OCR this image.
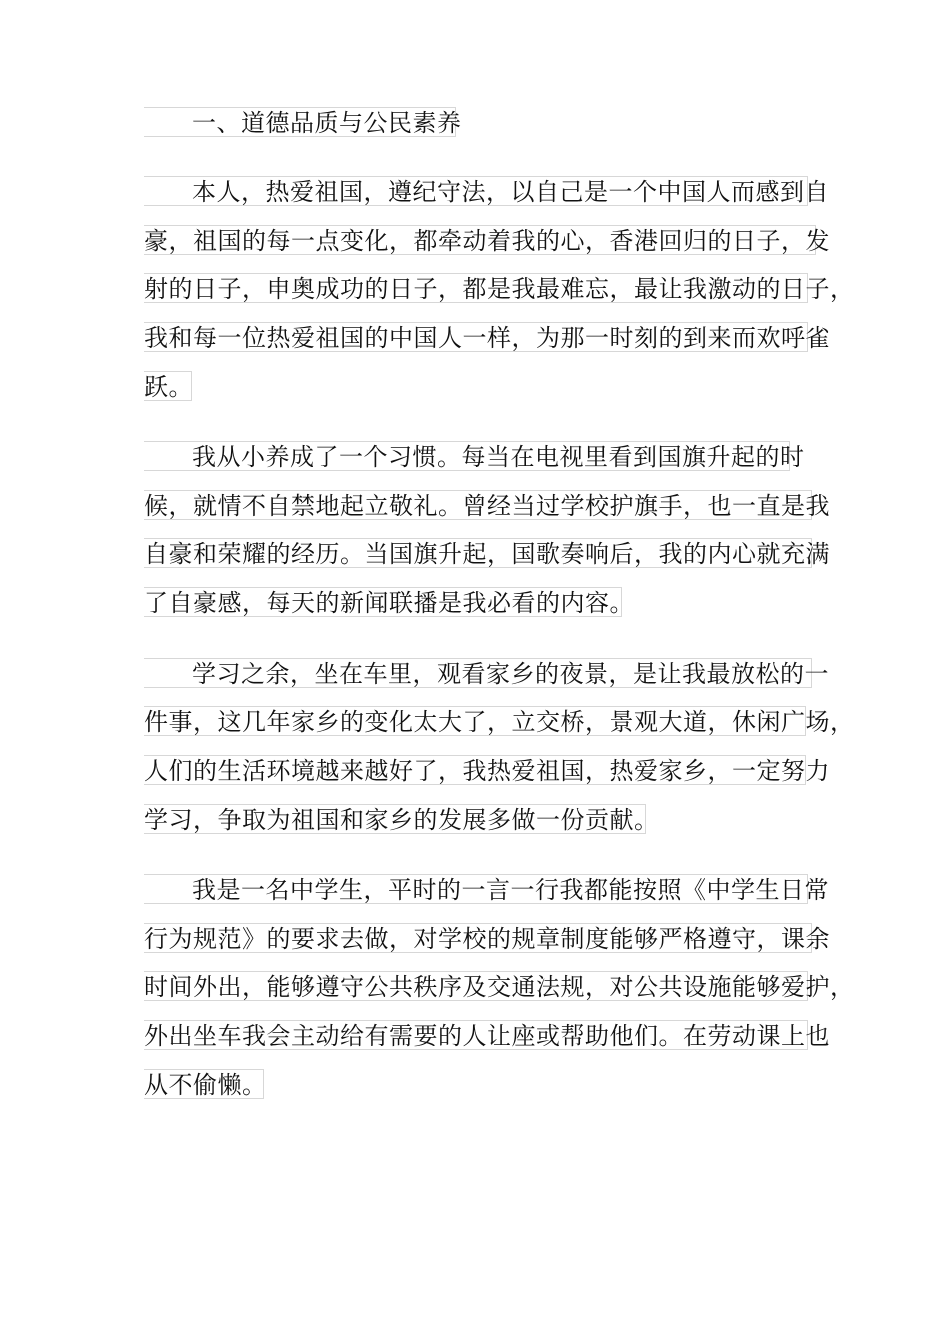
一、道德品质与公民素养
本人，热爱祖国，遵纪守法，以自己是一个中国人而感到自
豪，祖国的每一点变化，都牵动着我的心，香港回归的日子，发
射的日子，申奥成功的日子，都是我最难忘，最让我激动的日子，
我和每一位热爱祖国的中国人一样，为那一时刻的到来而欢呼雀
跃。
我从小养成了一个习惯。每当在电视里看到国旗升起的时
候，就情不自禁地起立敬礼。曾经当过学校护旗手，也一直是我
自豪和荣耀的经历。当国旗升起，国歌奏响后，我的内心就充满
了自豪感，每天的新闻联播是我必看的内容。
学习之余，坐在车里，观看家乡的夜景，是让我最放松的一
件事，这几年家乡的变化太大了，立交桥，景观大道，休闲广场，
人们的生活环境越来越好了，我热爱祖国，热爱家乡，一定努力
学习，争取为祖国和家乡的发展多做一份贡献。
我是一名中学生，平时的一言一行我都能按照《中学生日常
行为规范》的要求去做，对学校的规章制度能够严格遵守，课余
时间外出，能够遵守公共秩序及交通法规，对公共设施能够爱护，
外出坐车我会主动给有需要的人让座或帮助他们。在劳动课上也
从不偷懒。
